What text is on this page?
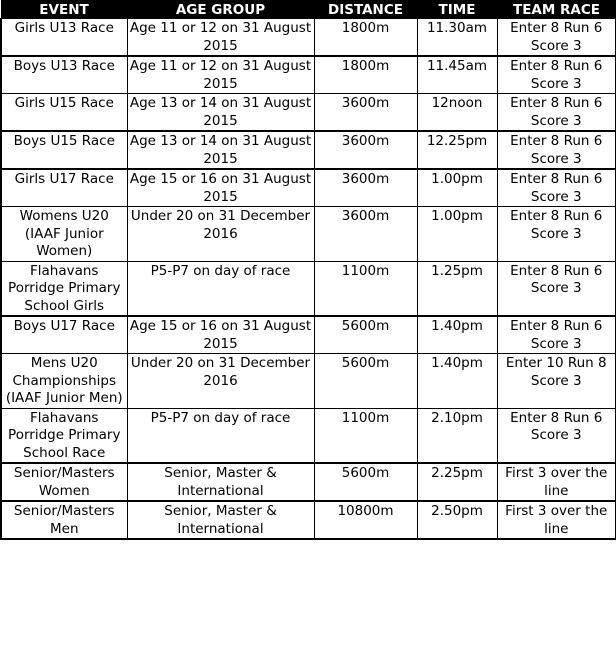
EVENT	AGE GROUP	DISTANCE	TIME	TEAM RACE
Girls U13 Race	Age 11 or 12 on 31 August 2015	1800m	11.30am	Enter 8 Run 6 Score 3
Boys U13 Race	Age 11 or 12 on 31 August 2015	1800m	11.45am	Enter 8 Run 6 Score 3
Girls U15 Race	Age 13 or 14 on 31 August 2015	3600m	12noon	Enter 8 Run 6 Score 3
Boys U15 Race	Age 13 or 14 on 31 August 2015	3600m	12.25pm	Enter 8 Run 6 Score 3
Girls U17 Race	Age 15 or 16 on 31 August 2015	3600m	1.00pm	Enter 8 Run 6 Score 3
Womens U20 (IAAF Junior Women)	Under 20 on 31 December 2016	3600m	1.00pm	Enter 8 Run 6 Score 3
Flahavans Porridge Primary School Girls	P5-P7 on day of race	1100m	1.25pm	Enter 8 Run 6 Score 3
Boys U17 Race	Age 15 or 16 on 31 August 2015	5600m	1.40pm	Enter 8 Run 6 Score 3
Mens U20 Championships (IAAF Junior Men)	Under 20 on 31 December 2016	5600m	1.40pm	Enter 10 Run 8 Score 3
Flahavans Porridge Primary School Race	P5-P7 on day of race	1100m	2.10pm	Enter 8 Run 6 Score 3
Senior/Masters Women	Senior, Master & International	5600m	2.25pm	First 3 over the line
Senior/Masters Men	Senior, Master & International	10800m	2.50pm	First 3 over the line
